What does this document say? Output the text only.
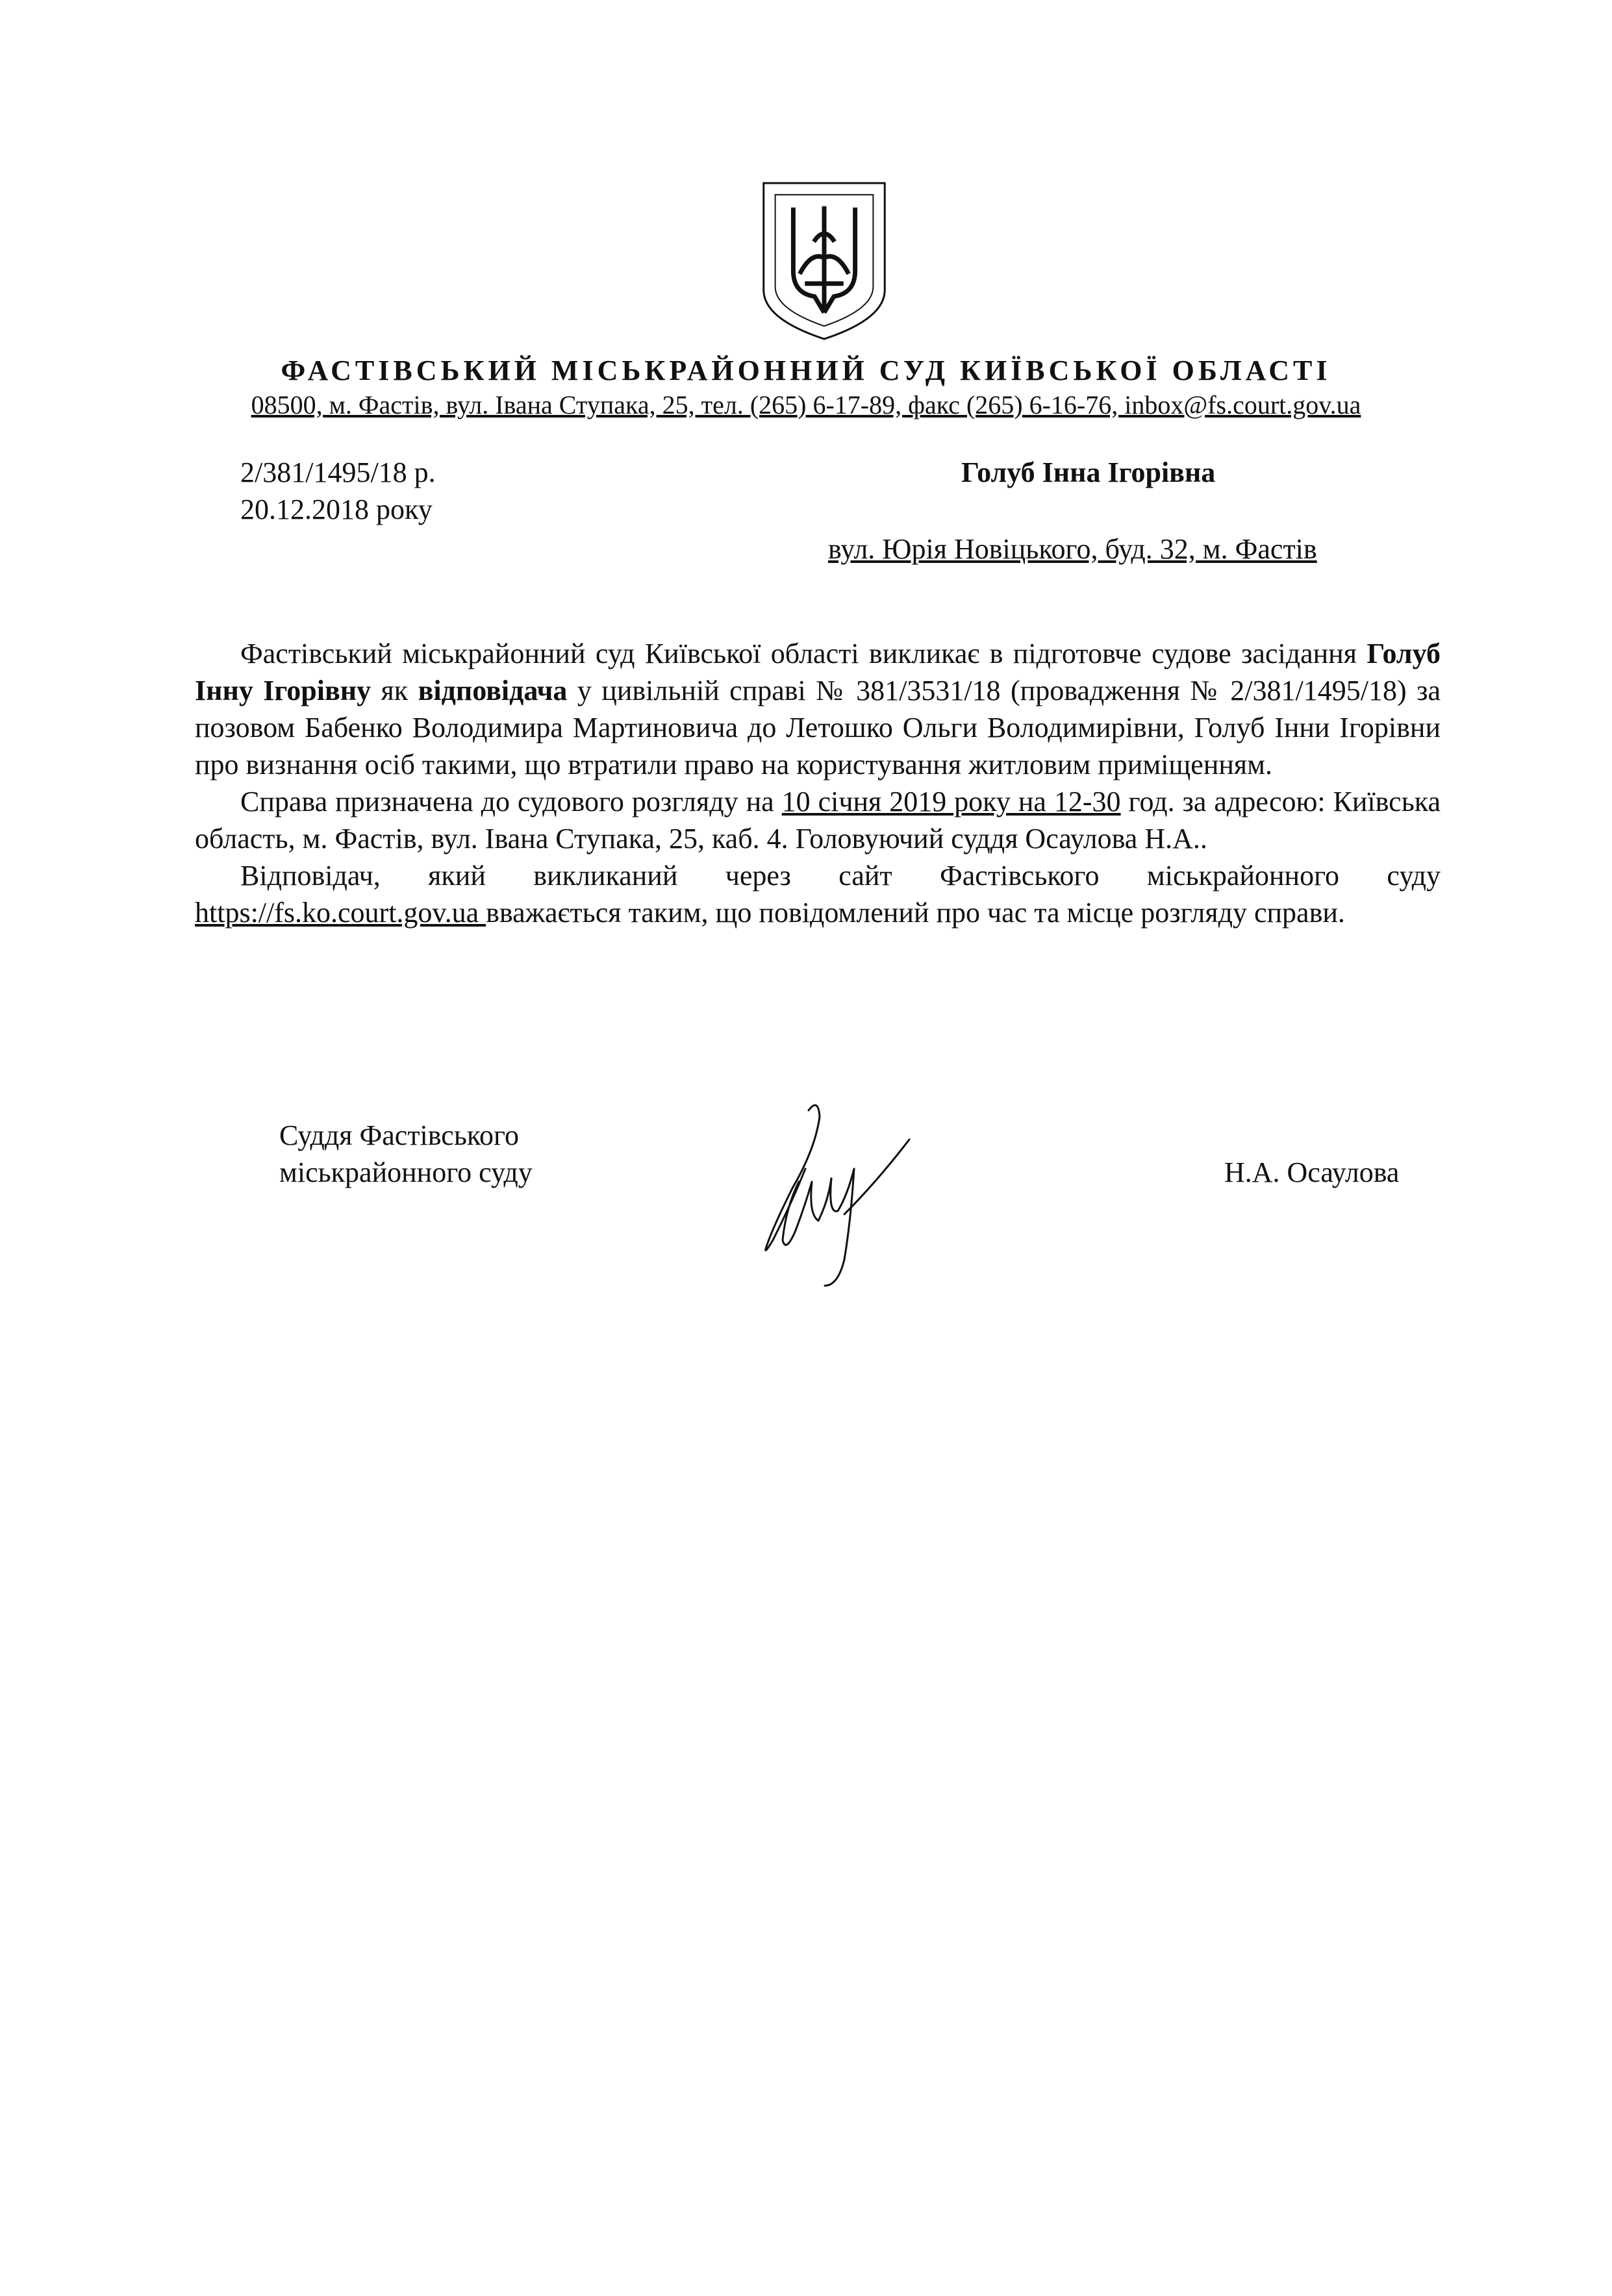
ФАСТІВСЬКИЙ МІСЬКРАЙОННИЙ СУД КИЇВСЬКОЇ ОБЛАСТІ
08500, м. Фастів, вул. Івана Ступака, 25, тел. (265) 6-17-89, факс (265) 6-16-76, inbox@fs.court.gov.ua
2/381/1495/18 р.
20.12.2018 року
Голуб Інна Ігорівна
вул. Юрія Новіцького, буд. 32, м. Фастів

Фастівський міськрайонний суд Київської області викликає в підготовче судове засідання Голуб Інну Ігорівну як відповідача у цивільній справі № 381/3531/18 (провадження № 2/381/1495/18) за позовом Бабенко Володимира Мартиновича до Летошко Ольги Володимирівни, Голуб Інни Ігорівни про визнання осіб такими, що втратили право на користування житловим приміщенням.

Справа призначена до судового розгляду на 10 січня 2019 року на 12-30 год. за адресою: Київська область, м. Фастів, вул. Івана Ступака, 25, каб. 4. Головуючий суддя Осаулова Н.А..

Відповідач, який викликаний через сайт Фастівського міськрайонного суду https://fs.ko.court.gov.ua вважається таким, що повідомлений про час та місце розгляду справи.

Суддя Фастівського
міськрайонного суду	Н.А. Осаулова
